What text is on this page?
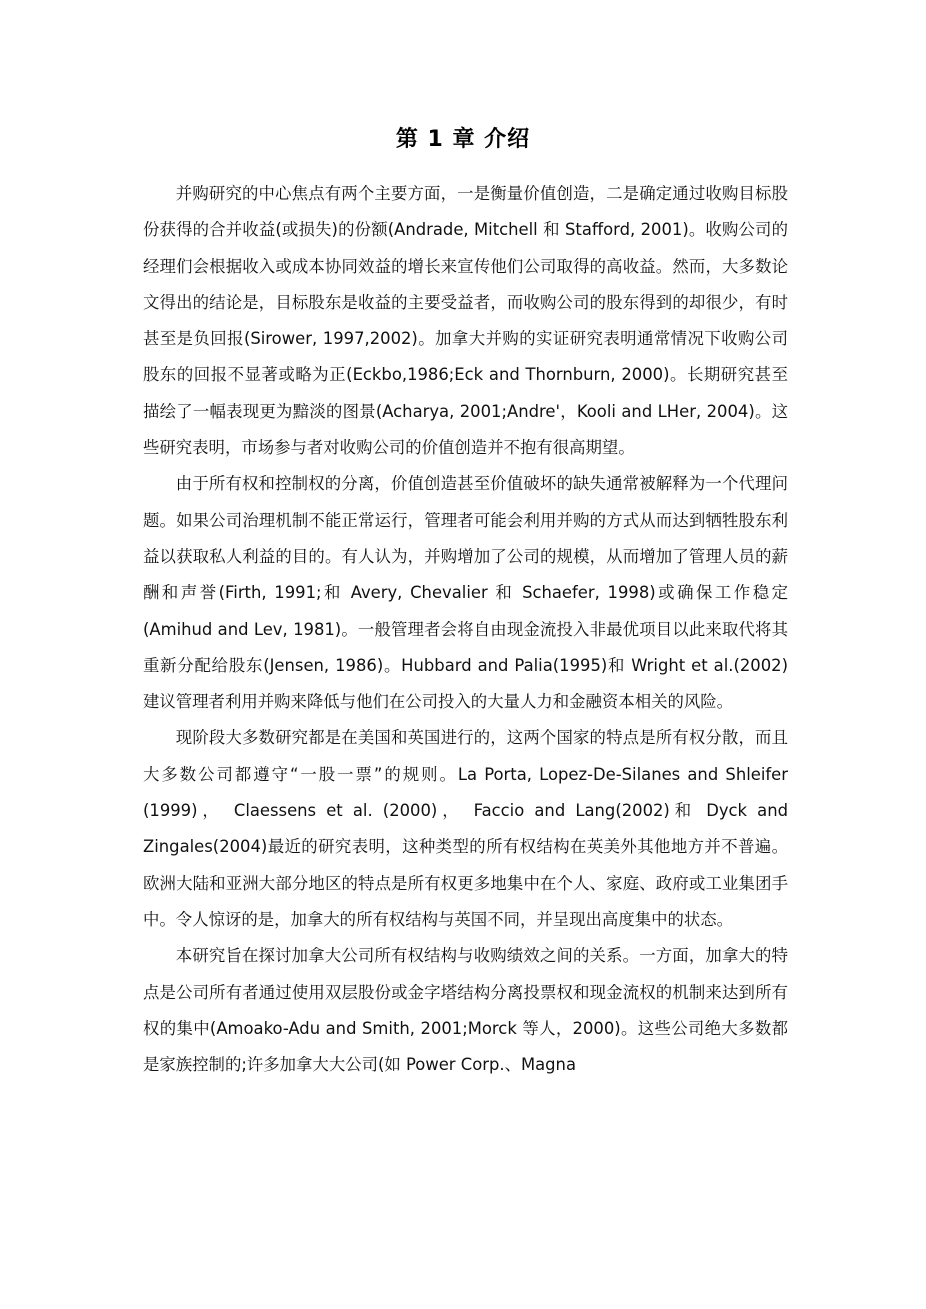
第 1 章 介绍

并购研究的中心焦点有两个主要方面，一是衡量价值创造，二是确定通过收购目标股份获得的合并收益(或损失)的份额(Andrade, Mitchell 和 Stafford, 2001)。收购公司的经理们会根据收入或成本协同效益的增长来宣传他们公司取得的高收益。然而，大多数论文得出的结论是，目标股东是收益的主要受益者，而收购公司的股东得到的却很少，有时甚至是负回报(Sirower, 1997,2002)。加拿大并购的实证研究表明通常情况下收购公司股东的回报不显著或略为正(Eckbo,1986;Eck and Thornburn, 2000)。长期研究甚至描绘了一幅表现更为黯淡的图景(Acharya, 2001;Andre'，Kooli and LHer, 2004)。这些研究表明，市场参与者对收购公司的价值创造并不抱有很高期望。

由于所有权和控制权的分离，价值创造甚至价值破坏的缺失通常被解释为一个代理问题。如果公司治理机制不能正常运行，管理者可能会利用并购的方式从而达到牺牲股东利益以获取私人利益的目的。有人认为，并购增加了公司的规模，从而增加了管理人员的薪酬和声誉(Firth, 1991;和 Avery, Chevalier 和 Schaefer, 1998)或确保工作稳定(Amihud and Lev, 1981)。一般管理者会将自由现金流投入非最优项目以此来取代将其重新分配给股东(Jensen, 1986)。Hubbard and Palia(1995)和 Wright et al.(2002)建议管理者利用并购来降低与他们在公司投入的大量人力和金融资本相关的风险。

现阶段大多数研究都是在美国和英国进行的，这两个国家的特点是所有权分散，而且大多数公司都遵守“一股一票”的规则。La Porta, Lopez-De-Silanes and Shleifer (1999)， Claessens et al. (2000)， Faccio and Lang(2002)和 Dyck and Zingales(2004)最近的研究表明，这种类型的所有权结构在英美外其他地方并不普遍。欧洲大陆和亚洲大部分地区的特点是所有权更多地集中在个人、家庭、政府或工业集团手中。令人惊讶的是，加拿大的所有权结构与英国不同，并呈现出高度集中的状态。

本研究旨在探讨加拿大公司所有权结构与收购绩效之间的关系。一方面，加拿大的特点是公司所有者通过使用双层股份或金字塔结构分离投票权和现金流权的机制来达到所有权的集中(Amoako-Adu and Smith, 2001;Morck 等人，2000)。这些公司绝大多数都是家族控制的;许多加拿大大公司(如 Power Corp.、Magna
